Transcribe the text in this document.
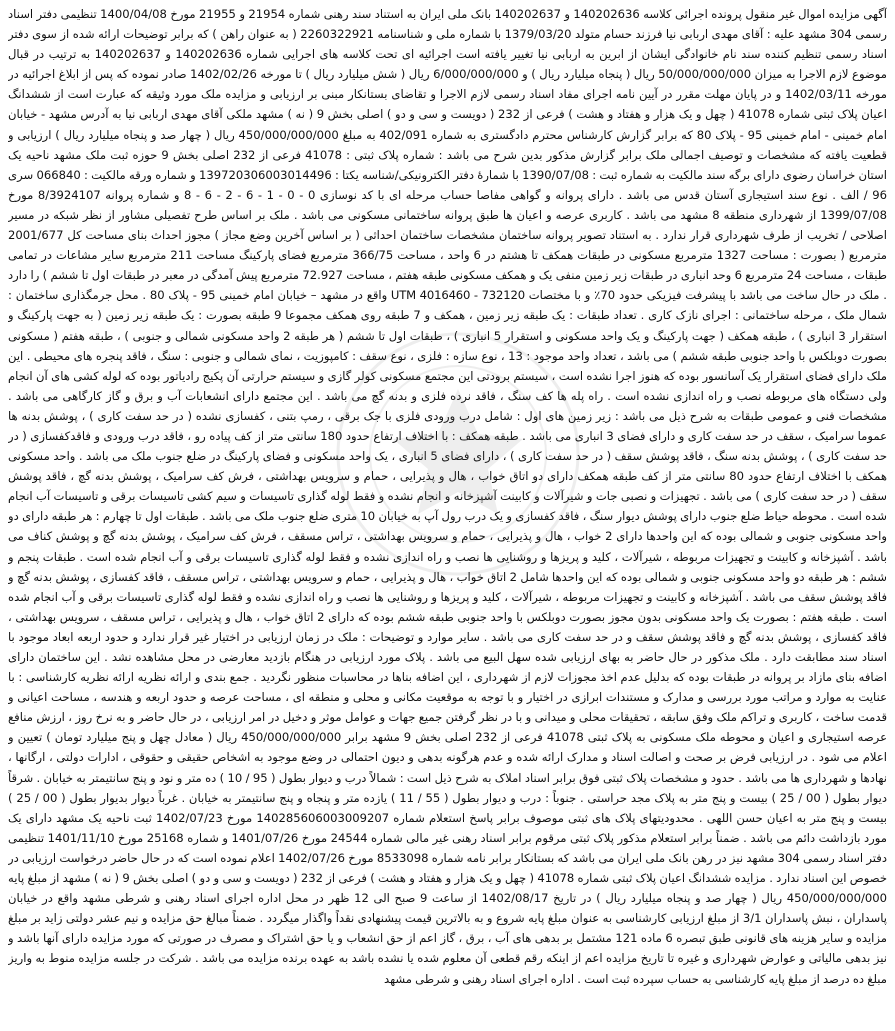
آگهی مزایده اموال غیر منقول پرونده اجرائی کلاسه 140202636 و 140202637 بانک ملی ایران به استناد سند رهنی شماره 21954 و 21955 مورخ 1400/04/08 تنظیمی دفتر اسناد رسمی 304 مشهد علیه : آقای مهدی اربابی نیا فرزند حسام متولد 1379/03/20 با شماره ملی و شناسنامه 2260322921 ( به عنوان راهن ) که برابر توضیحات ارائه شده از سوی دفتر اسناد رسمی تنظیم کننده سند نام خانوادگی ایشان از ابرین به اربابی نیا تغییر یافته است اجرائیه ای تحت کلاسه های اجرایی شماره 140202636 و 140202637 به ترتیب در قبال موضوع لازم الاجرا به میزان 50/000/000/000 ریال ( پنجاه میلیارد ریال ) و 6/000/000/000 ریال ( شش میلیارد ریال ) تا مورخه 1402/02/26 صادر نموده که پس از ابلاغ اجرائیه در مورخه 1402/03/11 و در پایان مهلت مقرر در آیین نامه اجرای مفاد اسناد رسمی لازم الاجرا و تقاضای بستانکار مبنی بر ارزیابی و مزایده ملک مورد وثیقه که عبارت است از ششدانگ اعیان پلاک ثبتی شماره 41078 ( چهل و یک هزار و هفتاد و هشت ) فرعی از 232 ( دویست و سی و دو ) اصلی بخش 9 ( نه ) مشهد ملکی آقای مهدی اربابی نیا به آدرس مشهد - خیابان امام خمینی - امام خمینی 95 - پلاک 80 که برابر گزارش کارشناس محترم دادگستری به شماره 402/091 به مبلغ 450/000/000/000 ریال ( چهار صد و پنجاه میلیارد ریال ) ارزیابی و قطعیت یافته که مشخصات و توصیف اجمالی ملک برابر گزارش مذکور بدین شرح می باشد : شماره پلاک ثبتی : 41078 فرعی از 232 اصلی بخش 9 حوزه ثبت ملک مشهد ناحیه یک استان خراسان رضوی دارای برگه سند مالکیت به شماره ثبت : 1390/07/08 با شمارهٔ دفتر الکترونیکی/شناسه یکتا : 139720306003014496 و شماره ورقه مالکیت : 066840 سری 96 / الف . نوع سند استیجاری آستان قدس می باشد . دارای پروانه و گواهی مفاصا حساب مرحله ای با کد نوسازی 0 - 0 - 1 - 6 - 2 - 6 - 8 و شماره پروانه 8/3924107 مورخ 1399/07/08 از شهرداری منطقه 8 مشهد می باشد . کاربری عرصه و اعیان ها طبق پروانه ساختمانی مسکونی می باشد . ملک بر اساس طرح تفصیلی مشاور از نظر شبکه در مسیر اصلاحی / تخریب از طرف شهرداری قرار ندارد . به استناد تصویر پروانه ساختمان مشخصات ساختمان احداثی ( بر اساس آخرین وضع مجاز ) مجوز احداث بنای مساحت کل 2001/677 مترمربع ( بصورت : مساحت 1327 مترمربع مسکونی در طبقات همکف تا هشتم در 6 واحد ، مساحت 366/75 مترمربع فضای پارکینگ مساحت 211 مترمربع سایر مشاعات در تمامی طبقات ، مساحت 24 مترمربع 6 وحد انباری در طبقات زیر زمین منفی یک و همکف مسکونی طبقه هفتم ، مساحت 72.927 مترمربع پیش آمدگی در معبر در طبقات اول تا ششم ) را دارد . ملک در حال ساخت می باشد با پیشرفت فیزیکی حدود 70٪ و با مختصات UTM 4016460 - 732120 واقع در مشهد – خیابان امام خمینی 95 - پلاک 80 . محل جرمگذاری ساختمان : شمال ملک ، مرحله ساختمانی : اجرای نازک کاری . تعداد طبقات : یک طبقه زیر زمین ، همکف و 7 طبقه روی همکف مجموعا 9 طبقه بصورت : یک طبقه زیر زمین ( به جهت پارکینگ و استقرار 3 انباری ) ، طبقه همکف ( جهت پارکینگ و یک واحد مسکونی و استقرار 5 انباری ) ، طبقات اول تا ششم ( هر طبقه 2 واحد مسکونی شمالی و جنوبی ) ، طبقه هفتم ( مسکونی بصورت دوبلکس با واحد جنوبی طبقه ششم ) می باشد ، تعداد واحد موجود : 13 ، نوع سازه : فلزی ، نوع سقف : کامپوزیت ، نمای شمالی و جنوبی : سنگ ، فاقد پنجره های محیطی . این ملک دارای فضای استقرار یک آسانسور بوده که هنوز اجرا نشده است ، سیستم برودتی این مجتمع مسکونی کولر گازی و سیستم حرارتی آن پکیج رادیاتور بوده که لوله کشی های آن انجام ولی دستگاه های مربوطه نصب و راه اندازی نشده است . راه پله ها کف سنگ ، فاقد نرده فلزی و بدنه گچ می باشد . این مجتمع دارای انشعابات آب و برق و گاز کارگاهی می باشد . مشخصات فنی و عمومی طبقات به شرح ذیل می باشد : زیر زمین های اول : شامل درب ورودی فلزی با جک برقی ، رمپ بتنی ، کفسازی نشده ( در حد سفت کاری ) ، پوشش بدنه ها عموما سرامیک ، سقف در حد سفت کاری و دارای فضای 3 انباری می باشد . طبقه همکف : با اختلاف ارتفاع حدود 180 سانتی متر از کف پیاده رو ، فاقد درب ورودی و فاقدکفسازی ( در حد سفت کاری ) ، پوشش بدنه سنگ ، فاقد پوشش سقف ( در حد سفت کاری ) ، دارای فضای 5 انباری ، یک واحد مسکونی و فضای پارکینگ در ضلع جنوب ملک می باشد . واحد مسکونی همکف با اختلاف ارتفاع حدود 80 سانتی متر از کف طبقه همکف دارای دو اتاق خواب ، هال و پذیرایی ، حمام و سرویس بهداشتی ، فرش کف سرامیک ، پوشش بدنه گچ ، فاقد پوشش سقف ( در حد سفت کاری ) می باشد . تجهیزات و نصبی جات و شیرآلات و کابینت آشپزخانه و انجام نشده و فقط لوله گذاری تاسیسات و سیم کشی تاسیسات برقی و تاسیسات آب انجام شده است . محوطه حیاط ضلع جنوب دارای پوشش دیوار سنگ ، فاقد کفسازی و یک درب رول آپ به خیابان 10 متری ضلع جنوب ملک می باشد . طبقات اول تا چهارم : هر طبقه دارای دو واحد مسکونی جنوبی و شمالی بوده که این واحدها دارای 2 خواب ، هال و پذیرایی ، حمام و سرویس بهداشتی ، تراس مسقف ، فرش کف سرامیک ، پوشش بدنه گچ و پوشش کناف می باشد . آشپزخانه و کابینت و تجهیزات مربوطه ، شیرآلات ، کلید و پریزها و روشنایی ها نصب و راه اندازی نشده و فقط لوله گذاری تاسیسات برقی و آب انجام شده است . طبقات پنجم و ششم : هر طبقه دو واحد مسکونی جنوبی و شمالی بوده که این واحدها شامل 2 اتاق خواب ، هال و پذیرایی ، حمام و سرویس بهداشتی ، تراس مسقف ، فاقد کفسازی ، پوشش بدنه گچ و فاقد پوشش سقف می باشد . آشپزخانه و کابینت و تجهیزات مربوطه ، شیرآلات ، کلید و پریزها و روشنایی ها نصب و راه اندازی نشده و فقط لوله گذاری تاسیسات برقی و آب انجام شده است . طبقه هفتم : بصورت یک واحد مسکونی بدون مجوز بصورت دوبلکس با واحد جنوبی طبقه ششم بوده که دارای 2 اتاق خواب ، هال و پذیرایی ، تراس مسقف ، سرویس بهداشتی ، فاقد کفسازی ، پوشش بدنه گچ و فاقد پوشش سقف و در حد سفت کاری می باشد . سایر موارد و توضیحات : ملک در زمان ارزیابی در اختیار غیر قرار ندارد و حدود اربعه ابعاد موجود با اسناد سند مطابقت دارد . ملک مذکور در حال حاضر به بهای ارزیابی شده سهل البیع می باشد . پلاک مورد ارزیابی در هنگام بازدید معارضی در محل مشاهده نشد . این ساختمان دارای اضافه بنای مازاد بر پروانه در طبقات بوده که بدلیل عدم اخذ مجوزات لازم از شهرداری ، این اضافه بناها در محاسبات منظور نگردید . جمع بندی و ارائه نظریه ارائه نظریه کارشناسی : با عنایت به موارد و مراتب مورد بررسی و مدارک و مستندات ابرازی در اختیار و با توجه به موقعیت مکانی و محلی و منطقه ای ، مساحت عرصه و حدود اربعه و هندسه ، مساحت اعیانی و قدمت ساخت ، کاربری و تراکم ملک وفق سابقه ، تحقیقات محلی و میدانی و با در نظر گرفتن جمیع جهات و عوامل موثر و دخیل در امر ارزیابی ، در حال حاضر و به نرخ روز ، ارزش منافع عرصه استیجاری و اعیان و محوطه ملک مسکونی به پلاک ثبتی 41078 فرعی از 232 اصلی بخش 9 مشهد برابر 450/000/000/000 ریال ( معادل چهل و پنج میلیارد تومان ) تعیین و اعلام می شود . در ارزیابی فرض بر صحت و اصالت اسناد و مدارک ارائه شده و عدم هرگونه بدهی و دیون احتمالی در وضع موجود به اشخاص حقیقی و حقوقی ، ادارات دولتی ، ارگانها ، نهادها و شهرداری ها می باشد . حدود و مشخصات پلاک ثبتی فوق برابر اسناد املاک به شرح ذیل است : شمالاً درب و دیوار بطول ( 95 / 10 ) ده متر و نود و پنج سانتیمتر به خیابان . شرقاً دیوار بطول ( 00 / 25 ) بیست و پنج متر به پلاک مجد حراستی . جنوباً : درب و دیوار بطول ( 55 / 11 ) یازده متر و پنجاه و پنج سانتیمتر به خیابان . غرباً دیوار بدیوار بطول ( 00 / 25 ) بیست و پنج متر به اعیان حسن اللهی . محدودیتهای پلاک های ثبتی موصوف برابر پاسخ استعلام شماره 140285606003009207 مورخ 1402/07/23 ثبت ناحیه یک مشهد دارای یک مورد بازداشت دائم می باشد . ضمناً برابر استعلام مذکور پلاک ثبتی مرقوم برابر اسناد رهنی غیر مالی شماره 24544 مورخ 1401/07/26 و شماره 25168 مورخ 1401/11/10 تنظیمی دفتر اسناد رسمی 304 مشهد نیز در رهن بانک ملی ایران می باشد که بستانکار برابر نامه شماره 8533098 مورخ 1402/07/26 اعلام نموده است که در حال حاضر درخواست ارزیابی در خصوص این اسناد ندارد . مزایده ششدانگ اعیان پلاک ثبتی شماره 41078 ( چهل و یک هزار و هفتاد و هشت ) فرعی از 232 ( دویست و سی و دو ) اصلی بخش 9 ( نه ) مشهد از مبلغ پایه 450/000/000/000 ریال ( چهار صد و پنجاه میلیارد ریال ) در تاریخ 1402/08/17 از ساعت 9 صبح الی 12 ظهر در محل اداره اجرای اسناد رهنی و شرطی مشهد واقع در خیابان پاسداران ، نبش پاسداران 3/1 از مبلغ ارزیابی کارشناسی به عنوان مبلغ پایه شروع و به بالاترین قیمت پیشنهادی نقداً واگذار میگردد . ضمناً مبالغ حق مزایده و نیم عشر دولتی زاید بر مبلغ مزایده و سایر هزینه های قانونی طبق تبصره 6 ماده 121 مشتمل بر بدهی های آب ، برق ، گاز اعم از حق انشعاب و یا حق اشتراک و مصرف در صورتی که مورد مزایده دارای آنها باشد و نیز بدهی مالیاتی و عوارض شهرداری و غیره تا تاریخ مزایده اعم از اینکه رقم قطعی آن معلوم شده یا نشده باشد به عهده برنده مزایده می باشد . شرکت در جلسه مزایده منوط به واریز مبلغ ده درصد از مبلغ پایه کارشناسی به حساب سپرده ثبت است . اداره اجرای اسناد رهنی و شرطی مشهد
